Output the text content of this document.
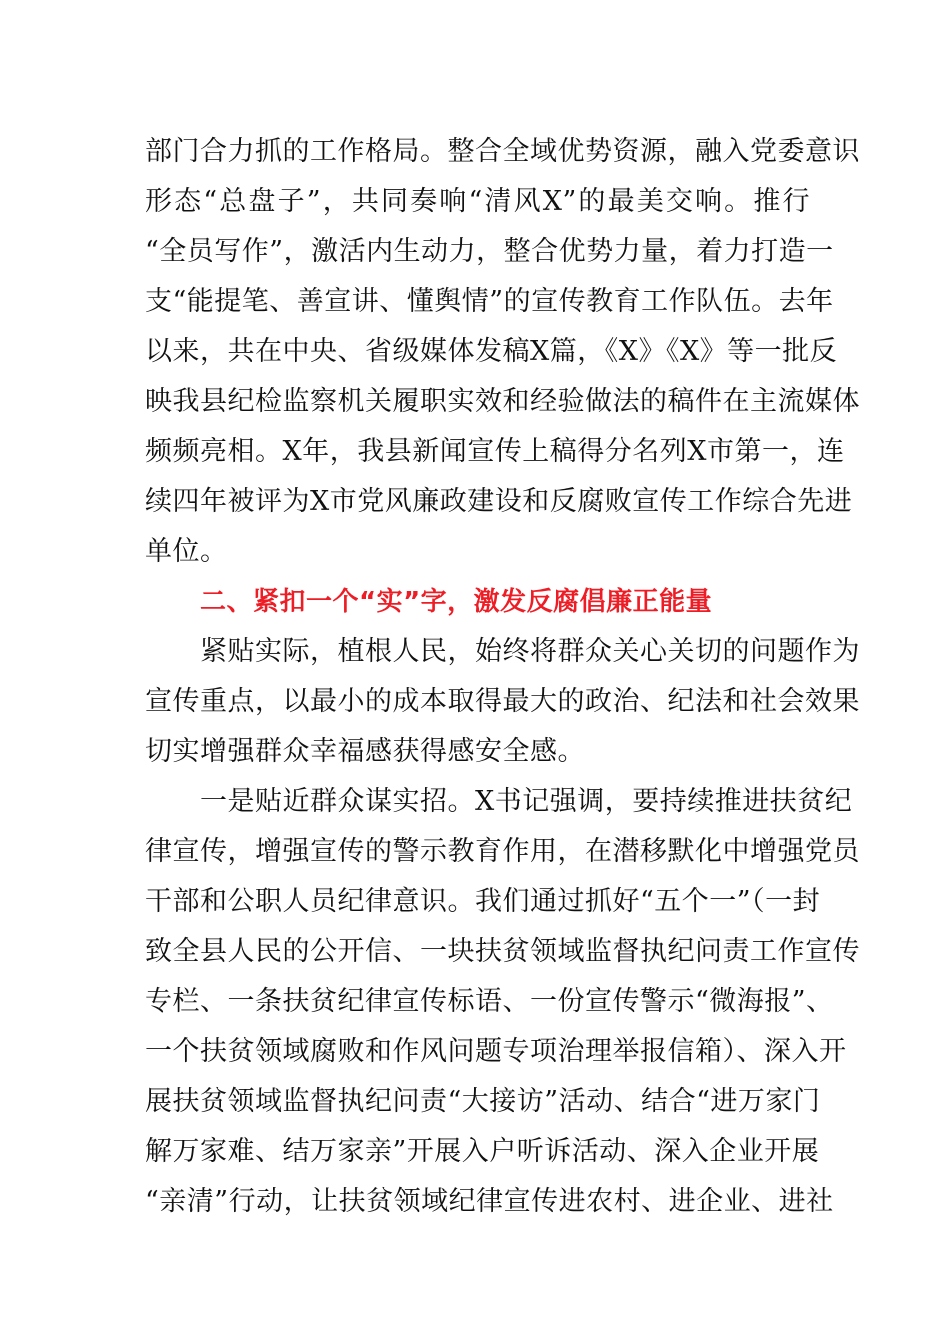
部门合力抓的工作格局。整合全域优势资源，融入党委意识
形态“总盘子”，共同奏响“清风X”的最美交响。推行
“全员写作”，激活内生动力，整合优势力量，着力打造一
支“能提笔、善宣讲、懂舆情”的宣传教育工作队伍。去年
以来，共在中央、省级媒体发稿X篇，《X》《X》等一批反
映我县纪检监察机关履职实效和经验做法的稿件在主流媒体
频频亮相。X年，我县新闻宣传上稿得分名列X市第一，连
续四年被评为X市党风廉政建设和反腐败宣传工作综合先进
单位。
二、紧扣一个“实”字，激发反腐倡廉正能量
紧贴实际，植根人民，始终将群众关心关切的问题作为
宣传重点，以最小的成本取得最大的政治、纪法和社会效果
切实增强群众幸福感获得感安全感。
一是贴近群众谋实招。X书记强调，要持续推进扶贫纪
律宣传，增强宣传的警示教育作用，在潜移默化中增强党员
干部和公职人员纪律意识。我们通过抓好“五个一”（一封
致全县人民的公开信、一块扶贫领域监督执纪问责工作宣传
专栏、一条扶贫纪律宣传标语、一份宣传警示“微海报”、
一个扶贫领域腐败和作风问题专项治理举报信箱）、深入开
展扶贫领域监督执纪问责“大接访”活动、结合“进万家门
解万家难、结万家亲”开展入户听诉活动、深入企业开展
“亲清”行动，让扶贫领域纪律宣传进农村、进企业、进社
